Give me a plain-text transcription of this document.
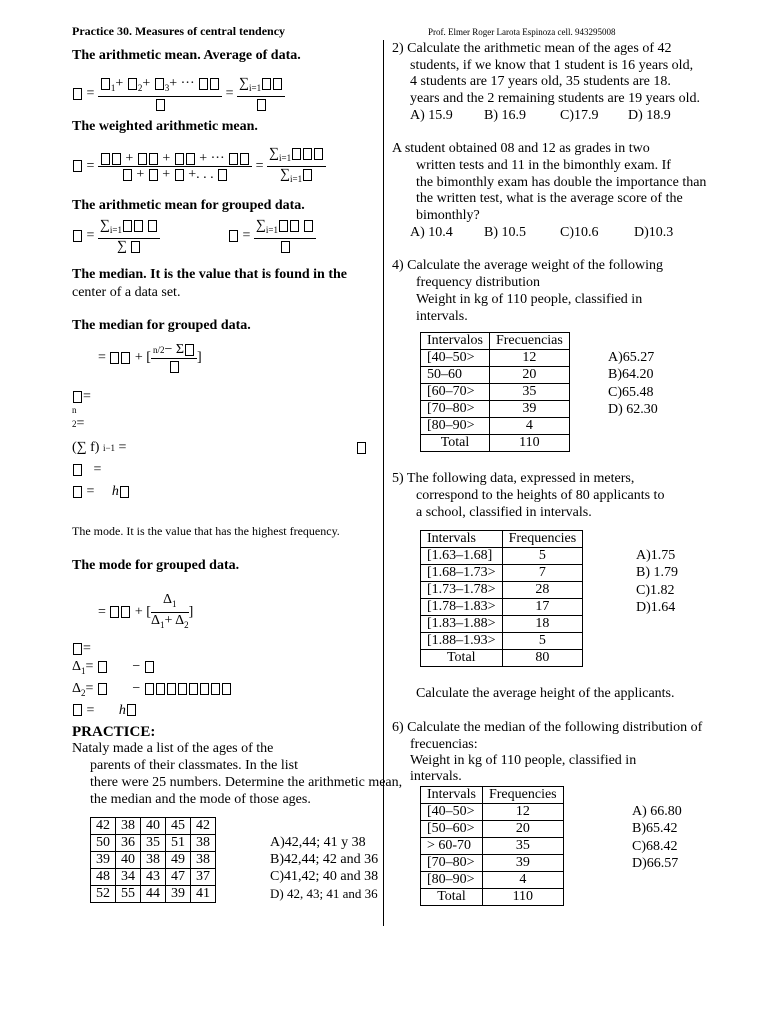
Practice 30. Measures of central tendency	Prof. Elmer Roger Larota Espinoza cell. 943295008
The arithmetic mean. Average of data.
=	$_1$+ $_2$+ $_3$+ ···
=
$\sum_{i=1}$
The weighted arithmetic mean.
= $\frac{+ + + \cdot\cdot\cdot}{+ + +. . .} = \frac{\sum_{i=1}}{\sum_{i=1}}$
The arithmetic mean for grouped data.
= $\frac{\sum_{i=1}}{\sum}$	=
$\sum_{i=1}$
The median. It is the value that is found in the
center of a data set.
The median for grouped data.
=  + [
n/2− Σ
]
=
n
2=
(∑ f) i−1 =
=
=     h
The mode. It is the value that has the highest frequency.
The mode for grouped data.
=  + [ $\frac{\Delta_1}{\Delta_1+ \Delta_2}$ ]
=
$\Delta_1=$        −
$\Delta_2=$        −
=       h
PRACTICE:
Nataly made a list of the ages of the
parents of their classmates. In the list
there were 25 numbers. Determine the arithmetic mean,
the median and the mode of those ages.
42	38	40	45	42
50	36	35	51	38
39	40	38	49	38
48	34	43	47	37
52	55	44	39	41
A)42,44; 41 y 38
B)42,44; 42 and 36
C)41,42; 40 and 38
D) 42, 43; 41 and 36
2) Calculate the arithmetic mean of the ages of 42
students, if we know that 1 student is 16 years old,
4 students are 17 years old, 35 students are 18.
years and the 2 remaining students are 19 years old.
A) 15.9 B) 16.9 C)17.9 D) 18.9
A student obtained 08 and 12 as grades in two
written tests and 11 in the bimonthly exam. If
the bimonthly exam has double the importance than
the written test, what is the average score of the
bimonthly?
A) 10.4 B) 10.5 C)10.6	D)10.3
4) Calculate the average weight of the following
frequency distribution
Weight in kg of 110 people, classified in
intervals.
Intervalos	Frecuencias
[40–50>	12
50–60	20
[60–70>	35
[70–80>	39
[80–90>	4
Total	110
A)65.27
B)64.20
C)65.48
D) 62.30
5) The following data, expressed in meters,
correspond to the heights of 80 applicants to
a school, classified in intervals.
Intervals	Frequencies
[1.63–1.68]	5
[1.68–1.73>	7
[1.73–1.78>	28
[1.78–1.83>	17
[1.83–1.88>	18
[1.88–1.93>	5
Total	80
A)1.75
B) 1.79
C)1.82
D)1.64
Calculate the average height of the applicants.
6) Calculate the median of the following distribution of
frecuencias:
Weight in kg of 110 people, classified in
intervals.
Intervals	Frequencies
[40–50>	12
[50–60>	20
> 60-70	35
[70–80>	39
[80–90>	4
Total	110
A) 66.80
B)65.42
C)68.42
D)66.57
